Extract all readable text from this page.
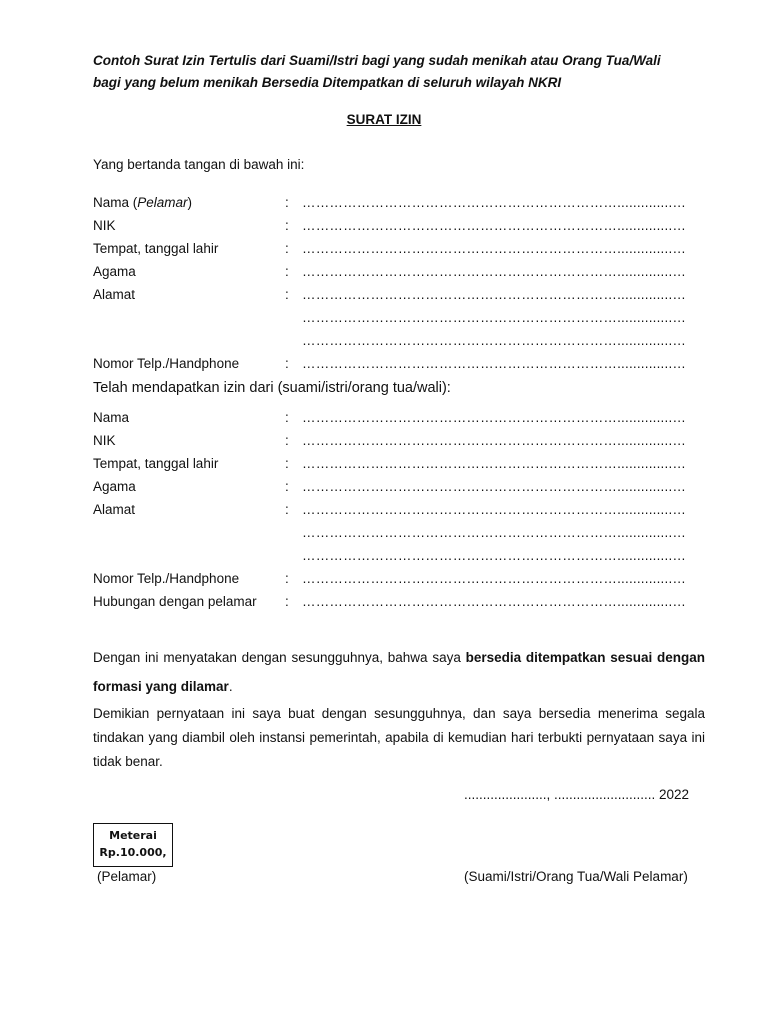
Contoh Surat Izin Tertulis dari Suami/Istri bagi yang sudah menikah atau Orang Tua/Wali
bagi yang belum menikah Bersedia Ditempatkan di seluruh wilayah NKRI
SURAT IZIN
Yang bertanda tangan di bawah ini:
Nama (Pelamar)	:
……………………………………………………………..............…
NIK	:
……………………………………………………………..............…
Tempat, tanggal lahir	:
……………………………………………………………..............…
Agama	:
……………………………………………………………..............…
Alamat	:
……………………………………………………………..............…
……………………………………………………………..............…
……………………………………………………………..............…
Nomor Telp./Handphone	:
……………………………………………………………..............…
Telah mendapatkan izin dari (suami/istri/orang tua/wali):
Nama	:
……………………………………………………………..............…
NIK	:
……………………………………………………………..............…
Tempat, tanggal lahir	:
……………………………………………………………..............…
Agama	:
……………………………………………………………..............…
Alamat	:
……………………………………………………………..............…
……………………………………………………………..............…
……………………………………………………………..............…
Nomor Telp./Handphone	:
……………………………………………………………..............…
Hubungan dengan pelamar :
……………………………………………………………..............…
Dengan ini menyatakan dengan sesungguhnya, bahwa saya bersedia ditempatkan sesuai dengan formasi yang dilamar.
Demikian pernyataan ini saya buat dengan sesungguhnya, dan saya bersedia menerima segala tindakan yang diambil oleh instansi pemerintah, apabila di kemudian hari terbukti pernyataan saya ini tidak benar.
......................, ........................... 2022
Meterai
Rp.10.000,
(Pelamar)	(Suami/Istri/Orang Tua/Wali Pelamar)
